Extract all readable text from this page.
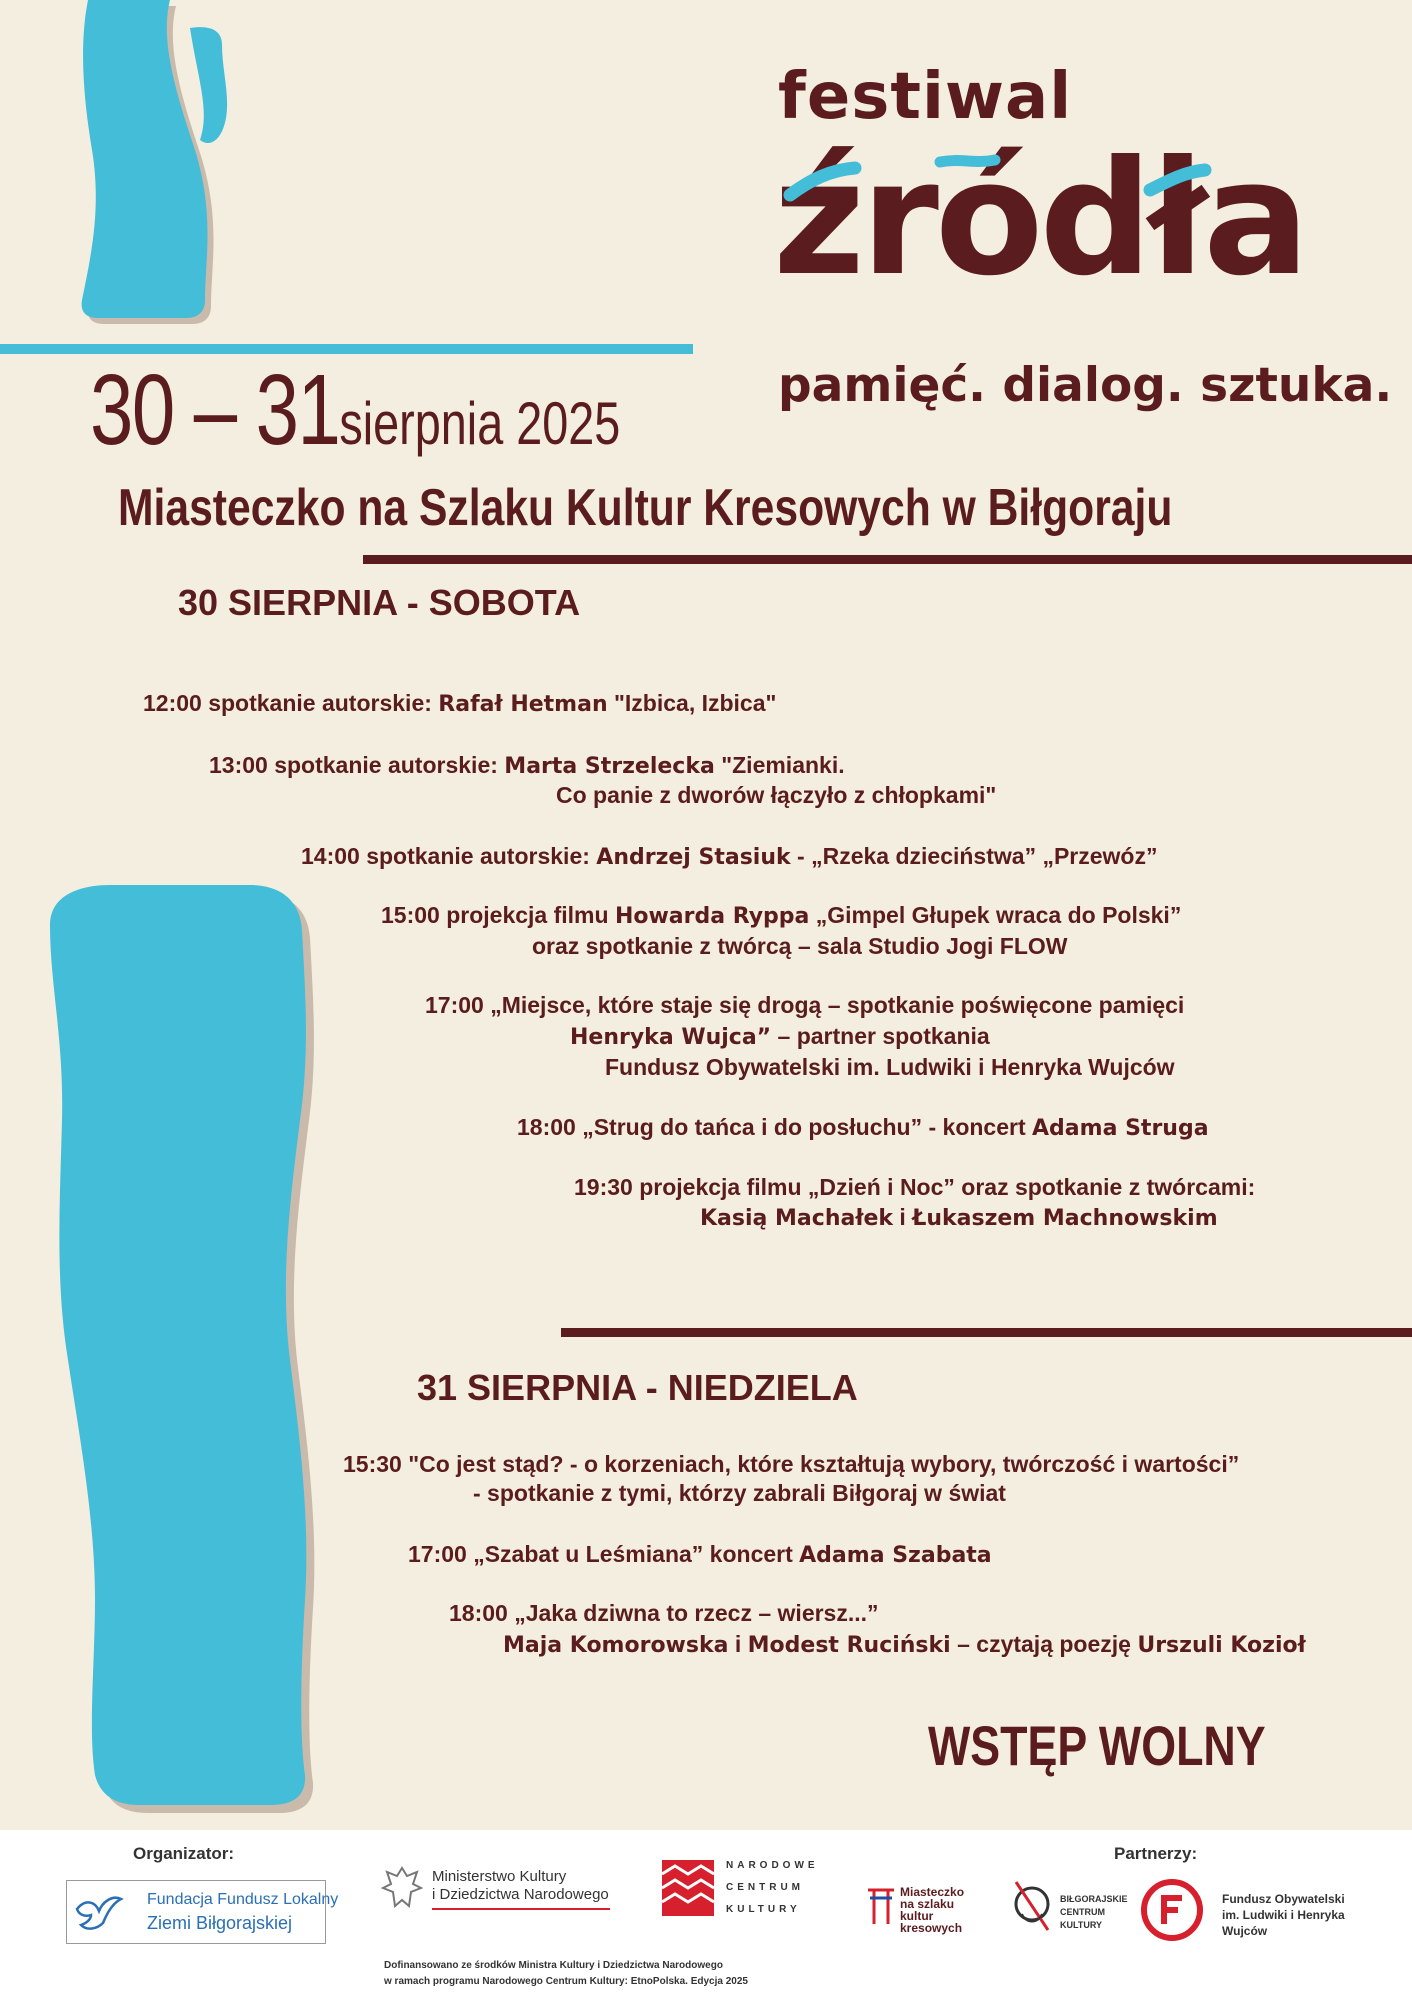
festiwal
źródła
pamięć. dialog. sztuka.
30 – 31sierpnia 2025
Miasteczko na Szlaku Kultur Kresowych w Biłgoraju
30 SIERPNIA - SOBOTA
12:00 spotkanie autorskie: Rafał Hetman "Izbica, Izbica"
13:00 spotkanie autorskie: Marta Strzelecka "Ziemianki.
Co panie z dworów łączyło z chłopkami"
14:00 spotkanie autorskie: Andrzej Stasiuk - „Rzeka dzieciństwa” „Przewóz”
15:00 projekcja filmu Howarda Ryppa „Gimpel Głupek wraca do Polski”
oraz spotkanie z twórcą – sala Studio Jogi FLOW
17:00 „Miejsce, które staje się drogą – spotkanie poświęcone pamięci
Henryka Wujca” – partner spotkania
Fundusz Obywatelski im. Ludwiki i Henryka Wujców
18:00 „Strug do tańca i do posłuchu” - koncert Adama Struga
19:30 projekcja filmu „Dzień i Noc” oraz spotkanie z twórcami:
Kasią Machałek i Łukaszem Machnowskim
31 SIERPNIA - NIEDZIELA
15:30 "Co jest stąd? - o korzeniach, które kształtują wybory, twórczość i wartości”
- spotkanie z tymi, którzy zabrali Biłgoraj w świat
17:00 „Szabat u Leśmiana” koncert Adama Szabata
18:00 „Jaka dziwna to rzecz – wiersz...”
Maja Komorowska i Modest Ruciński – czytają poezję Urszuli Kozioł
WSTĘP WOLNY
Organizator:
Fundacja Fundusz Lokalny
Ziemi Biłgorajskiej
Ministerstwo Kultury
i Dziedzictwa Narodowego
NARODOWE
CENTRUM
KULTURY
Dofinansowano ze środków Ministra Kultury i Dziedzictwa Narodowego
w ramach programu Narodowego Centrum Kultury: EtnoPolska. Edycja 2025
Partnerzy:
Miasteczko
na szlaku
kultur
kresowych
BIŁGORAJSKIE
CENTRUM
KULTURY
Fundusz Obywatelski
im. Ludwiki i Henryka
Wujców
